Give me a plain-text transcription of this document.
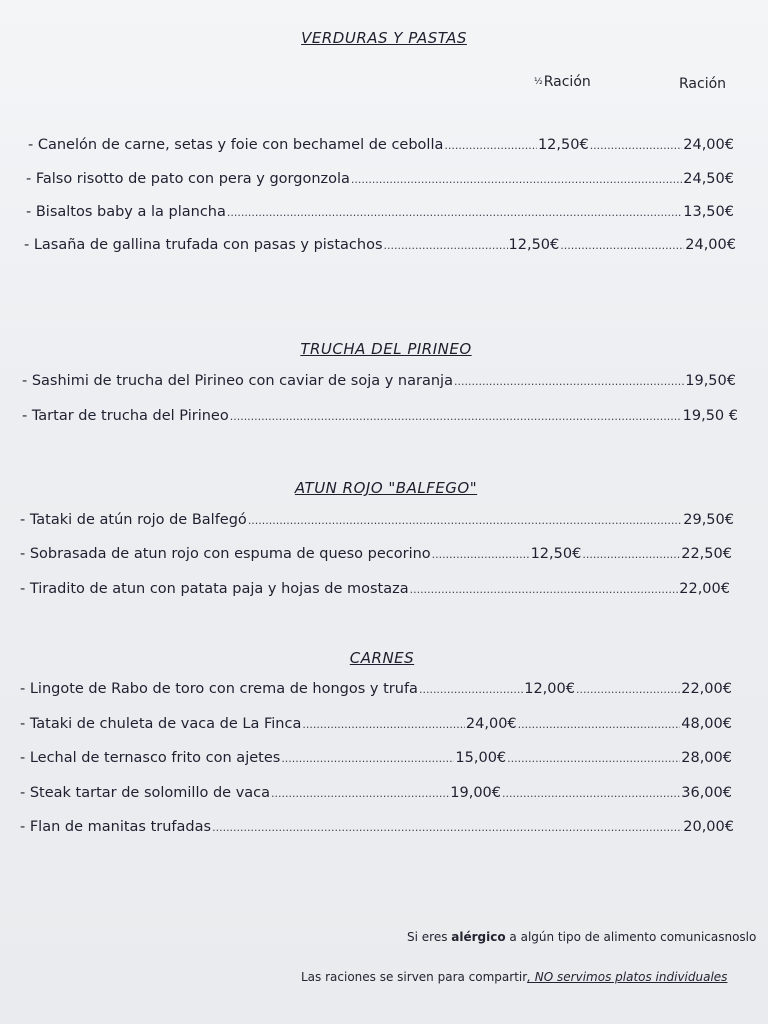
VERDURAS Y PASTAS
½Ración	Ración
- Canelón de carne, setas y foie con bechamel de cebolla .....	12,50€ .....	24,00€
- Falso risotto de pato con pera y gorgonzola .....	24,50€
- Bisaltos baby a la plancha .....	13,50€
- Lasaña de gallina trufada con pasas y pistachos .....	12,50€ .....	24,00€
TRUCHA DEL PIRINEO
- Sashimi de trucha del Pirineo con caviar de soja y naranja .....	19,50€
- Tartar de trucha del Pirineo .....	19,50 €
ATUN ROJO "BALFEGO"
- Tataki de atún rojo de Balfegó .....	29,50€
- Sobrasada de atun rojo con espuma de queso pecorino .....	12,50€ .....	22,50€
- Tiradito de atun con patata paja y hojas de mostaza .....	22,00€
CARNES
- Lingote de Rabo de toro con crema de hongos y trufa .....	12,00€ .....	22,00€
- Tataki de chuleta de vaca de La Finca .....	24,00€ .....	48,00€
- Lechal de ternasco frito con ajetes .....	15,00€ .....	28,00€
- Steak tartar de solomillo de vaca .....	19,00€ .....	36,00€
- Flan de manitas trufadas .....	20,00€
Si eres alérgico a algún tipo de alimento comunicasnoslo
Las raciones se sirven para compartir, NO servimos platos individuales
